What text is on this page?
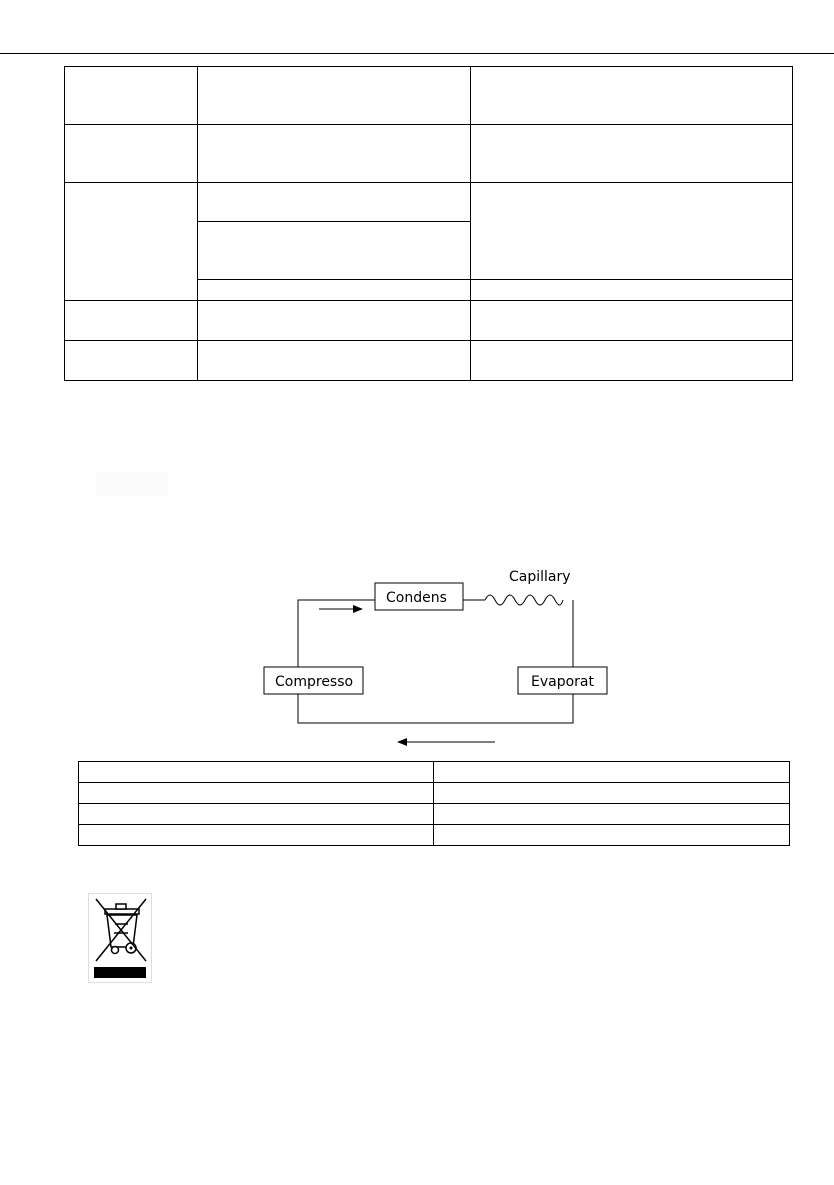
Condens
Capillary
Compresso	Evaporat
